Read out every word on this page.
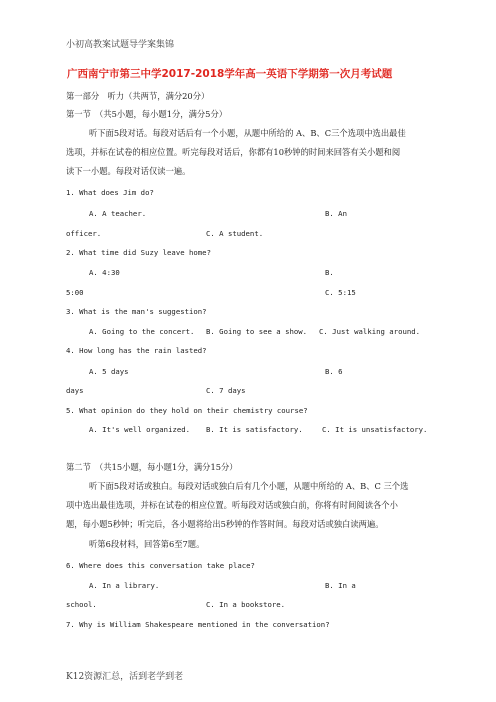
小初高教案试题导学案集锦
广西南宁市第三中学2017-2018学年高一英语下学期第一次月考试题
第一部分　听力（共两节，满分20分）
第一节　（共5小题，每小题1分，满分5分）
听下面5段对话。每段对话后有一个小题，从题中所给的 A、B、C三个选项中选出最佳
选项，并标在试卷的相应位置。听完每段对话后，你都有10秒钟的时间来回答有关小题和阅
读下一小题。每段对话仅读一遍。
1. What does Jim do?
A. A teacher.	B. An
officer.	C. A student.
2. What time did Suzy leave home?
A. 4:30	B.
5:00	C. 5:15
3. What is the man's suggestion?
A. Going to the concert. B. Going to see a show. C. Just walking around.
4. How long has the rain lasted?
A. 5 days	B. 6
days	C. 7 days
5. What opinion do they hold on their chemistry course?
A. It's well organized. B. It is satisfactory.	C. It is unsatisfactory.
第二节　（共15小题，每小题1分，满分15分）
听下面5段对话或独白。每段对话或独白后有几个小题，从题中所给的 A、B、C 三个选
项中选出最佳选项，并标在试卷的相应位置。听每段对话或独白前，你将有时间阅读各个小
题，每小题5秒钟；听完后，各小题将给出5秒钟的作答时间。每段对话或独白读两遍。
听第6段材料，回答第6至7题。
6. Where does this conversation take place?
A. In a library.	B. In a
school.	C. In a bookstore.
7. Why is William Shakespeare mentioned in the conversation?
K12资源汇总，活到老学到老
